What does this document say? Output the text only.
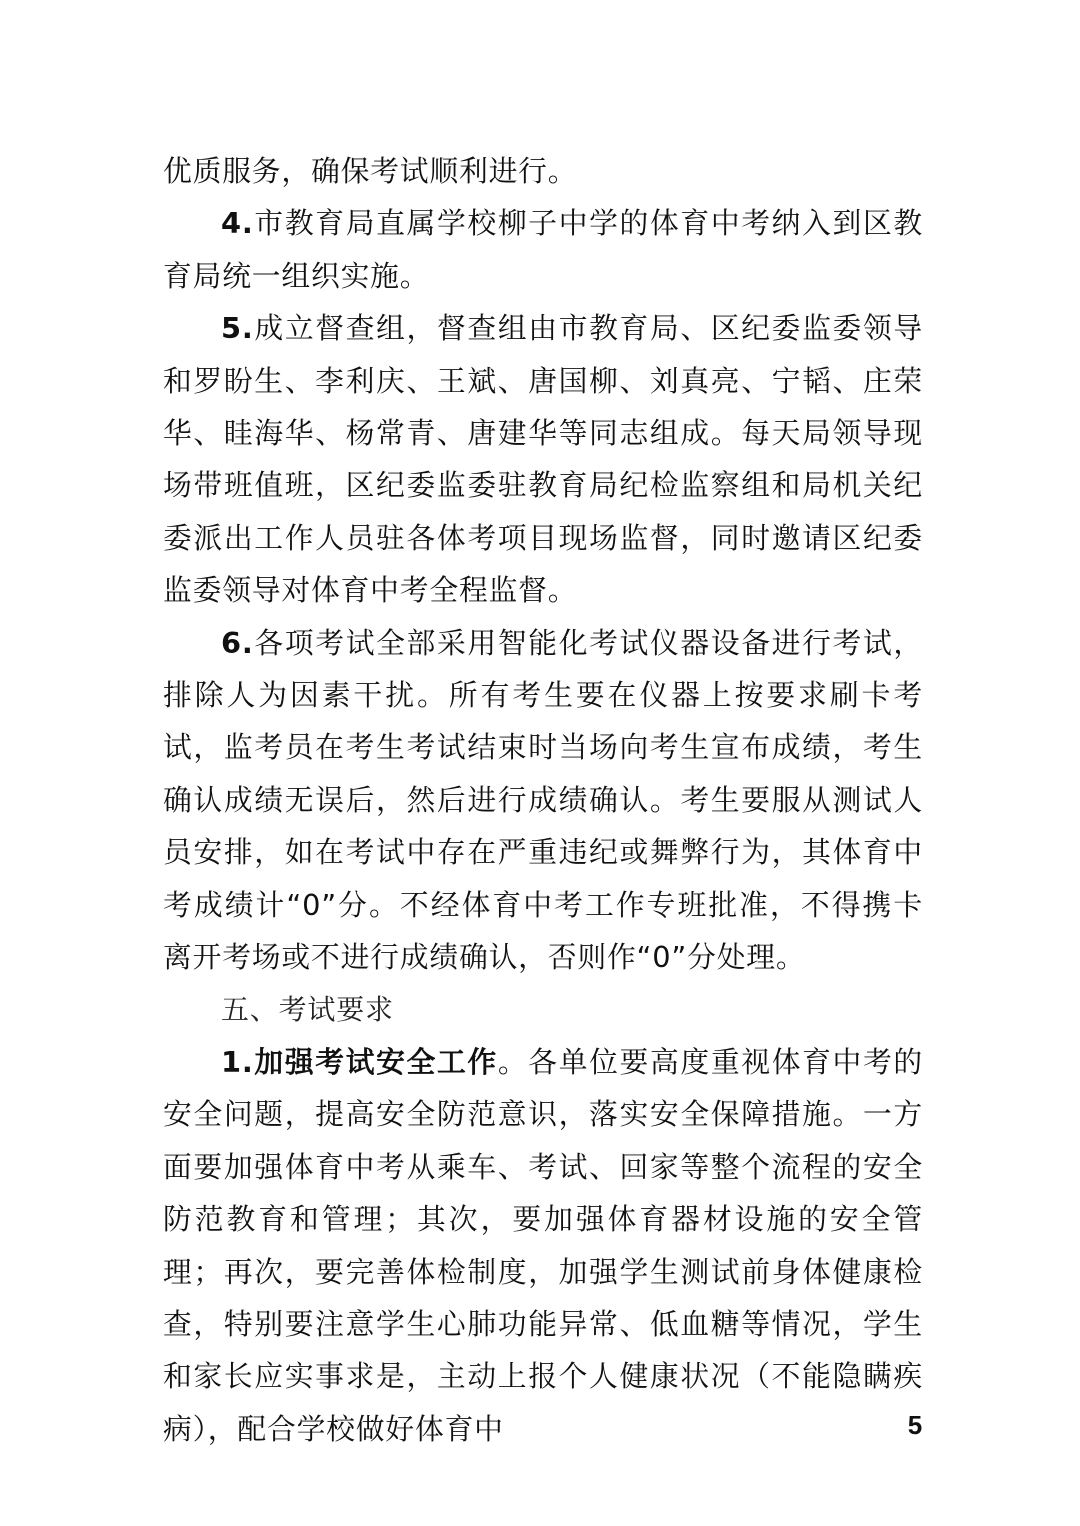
优质服务，确保考试顺利进行。

4.市教育局直属学校柳子中学的体育中考纳入到区教育局统一组织实施。

5.成立督查组，督查组由市教育局、区纪委监委领导和罗盼生、李利庆、王斌、唐国柳、刘真亮、宁韬、庄荣华、眭海华、杨常青、唐建华等同志组成。每天局领导现场带班值班，区纪委监委驻教育局纪检监察组和局机关纪委派出工作人员驻各体考项目现场监督，同时邀请区纪委监委领导对体育中考全程监督。

6.各项考试全部采用智能化考试仪器设备进行考试，排除人为因素干扰。所有考生要在仪器上按要求刷卡考试，监考员在考生考试结束时当场向考生宣布成绩，考生确认成绩无误后，然后进行成绩确认。考生要服从测试人员安排，如在考试中存在严重违纪或舞弊行为，其体育中考成绩计“0”分。不经体育中考工作专班批准，不得携卡离开考场或不进行成绩确认，否则作“0”分处理。

五、考试要求

1.加强考试安全工作。各单位要高度重视体育中考的安全问题，提高安全防范意识，落实安全保障措施。一方面要加强体育中考从乘车、考试、回家等整个流程的安全防范教育和管理；其次，要加强体育器材设施的安全管理；再次，要完善体检制度，加强学生测试前身体健康检查，特别要注意学生心肺功能异常、低血糖等情况，学生和家长应实事求是，主动上报个人健康状况（不能隐瞒疾病），配合学校做好体育中	5
